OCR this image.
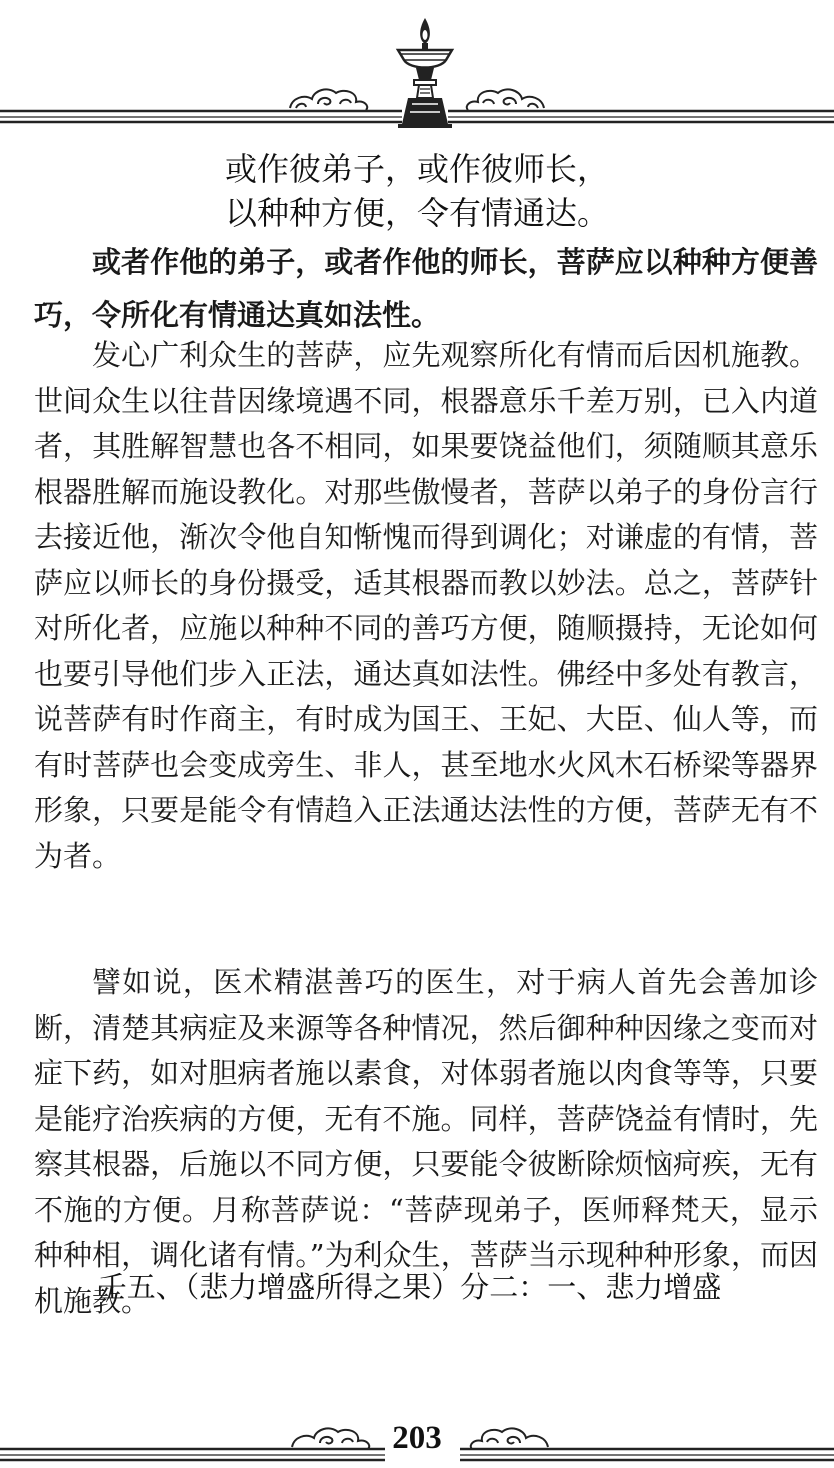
或作彼弟子，或作彼师长，
以种种方便，令有情通达。

或者作他的弟子，或者作他的师长，菩萨应以种种方便善巧，令所化有情通达真如法性。

发心广利众生的菩萨，应先观察所化有情而后因机施教。世间众生以往昔因缘境遇不同，根器意乐千差万别，已入内道者，其胜解智慧也各不相同，如果要饶益他们，须随顺其意乐根器胜解而施设教化。对那些傲慢者，菩萨以弟子的身份言行去接近他，渐次令他自知惭愧而得到调化；对谦虚的有情，菩萨应以师长的身份摄受，适其根器而教以妙法。总之，菩萨针对所化者，应施以种种不同的善巧方便，随顺摄持，无论如何也要引导他们步入正法，通达真如法性。佛经中多处有教言，说菩萨有时作商主，有时成为国王、王妃、大臣、仙人等，而有时菩萨也会变成旁生、非人，甚至地水火风木石桥梁等器界形象，只要是能令有情趋入正法通达法性的方便，菩萨无有不为者。

譬如说，医术精湛善巧的医生，对于病人首先会善加诊断，清楚其病症及来源等各种情况，然后御种种因缘之变而对症下药，如对胆病者施以素食，对体弱者施以肉食等等，只要是能疗治疾病的方便，无有不施。同样，菩萨饶益有情时，先察其根器，后施以不同方便，只要能令彼断除烦恼疴疾，无有不施的方便。月称菩萨说：“菩萨现弟子，医师释梵天，显示种种相，调化诸有情。”为利众生，菩萨当示现种种形象，而因机施教。

壬五、（悲力增盛所得之果）分二：一、悲力增盛
203
